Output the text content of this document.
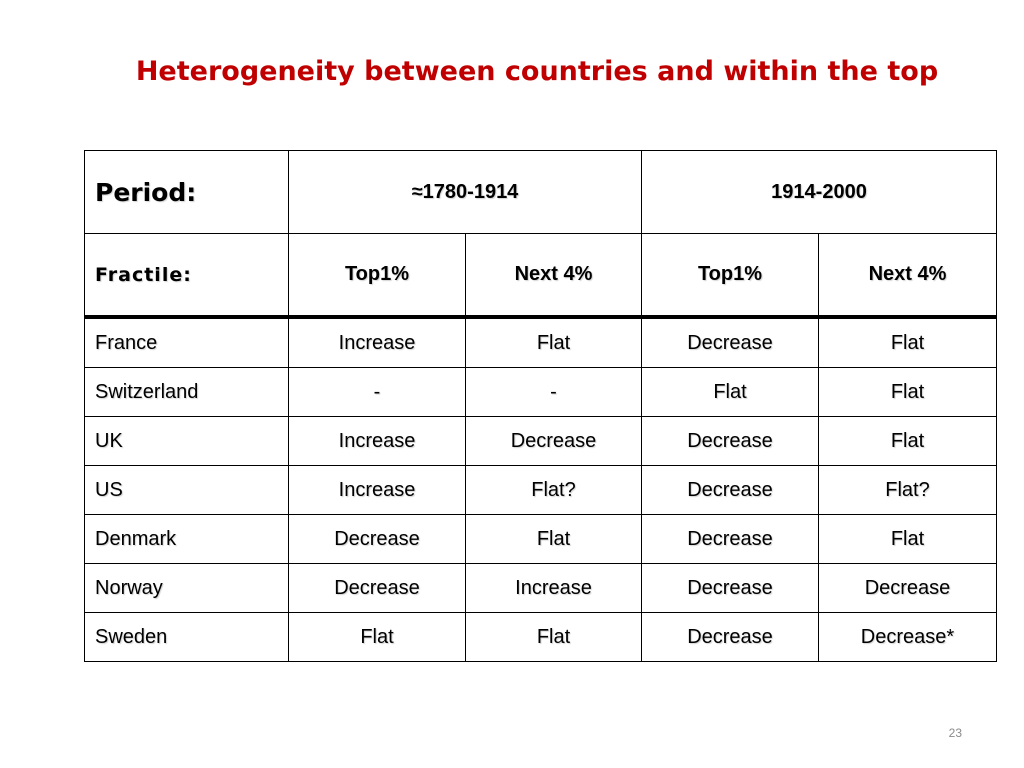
Heterogeneity between countries and within the top
Period:	≈1780-1914		1914-2000	
Fractile:	Top1%	Next 4%	Top1%	Next 4%
France	Increase	Flat	Decrease	Flat
Switzerland	-	-	Flat	Flat
UK	Increase	Decrease	Decrease	Flat
US	Increase	Flat?	Decrease	Flat?
Denmark	Decrease	Flat	Decrease	Flat
Norway	Decrease	Increase	Decrease	Decrease
Sweden	Flat	Flat	Decrease	Decrease*
23
